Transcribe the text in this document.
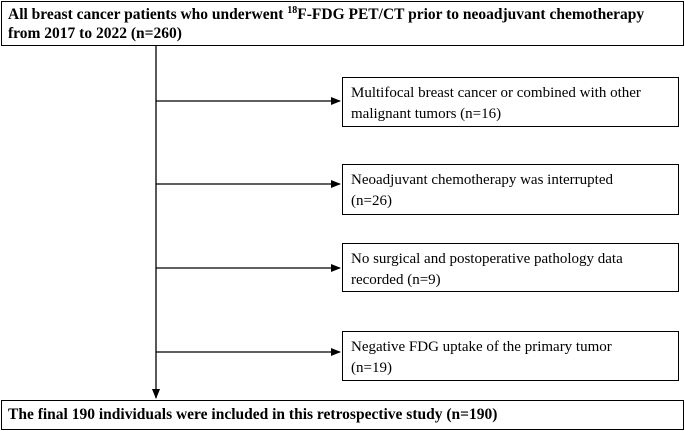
All breast cancer patients who underwent $^{18}$F-FDG PET/CT prior to neoadjuvant chemotherapy from 2017 to 2022 (n=260)
Multifocal breast cancer or combined with other
malignant tumors (n=16)
Neoadjuvant chemotherapy was interrupted
(n=26)
No surgical and postoperative pathology data
recorded (n=9)
Negative FDG uptake of the primary tumor
(n=19)
The final 190 individuals were included in this retrospective study (n=190)
